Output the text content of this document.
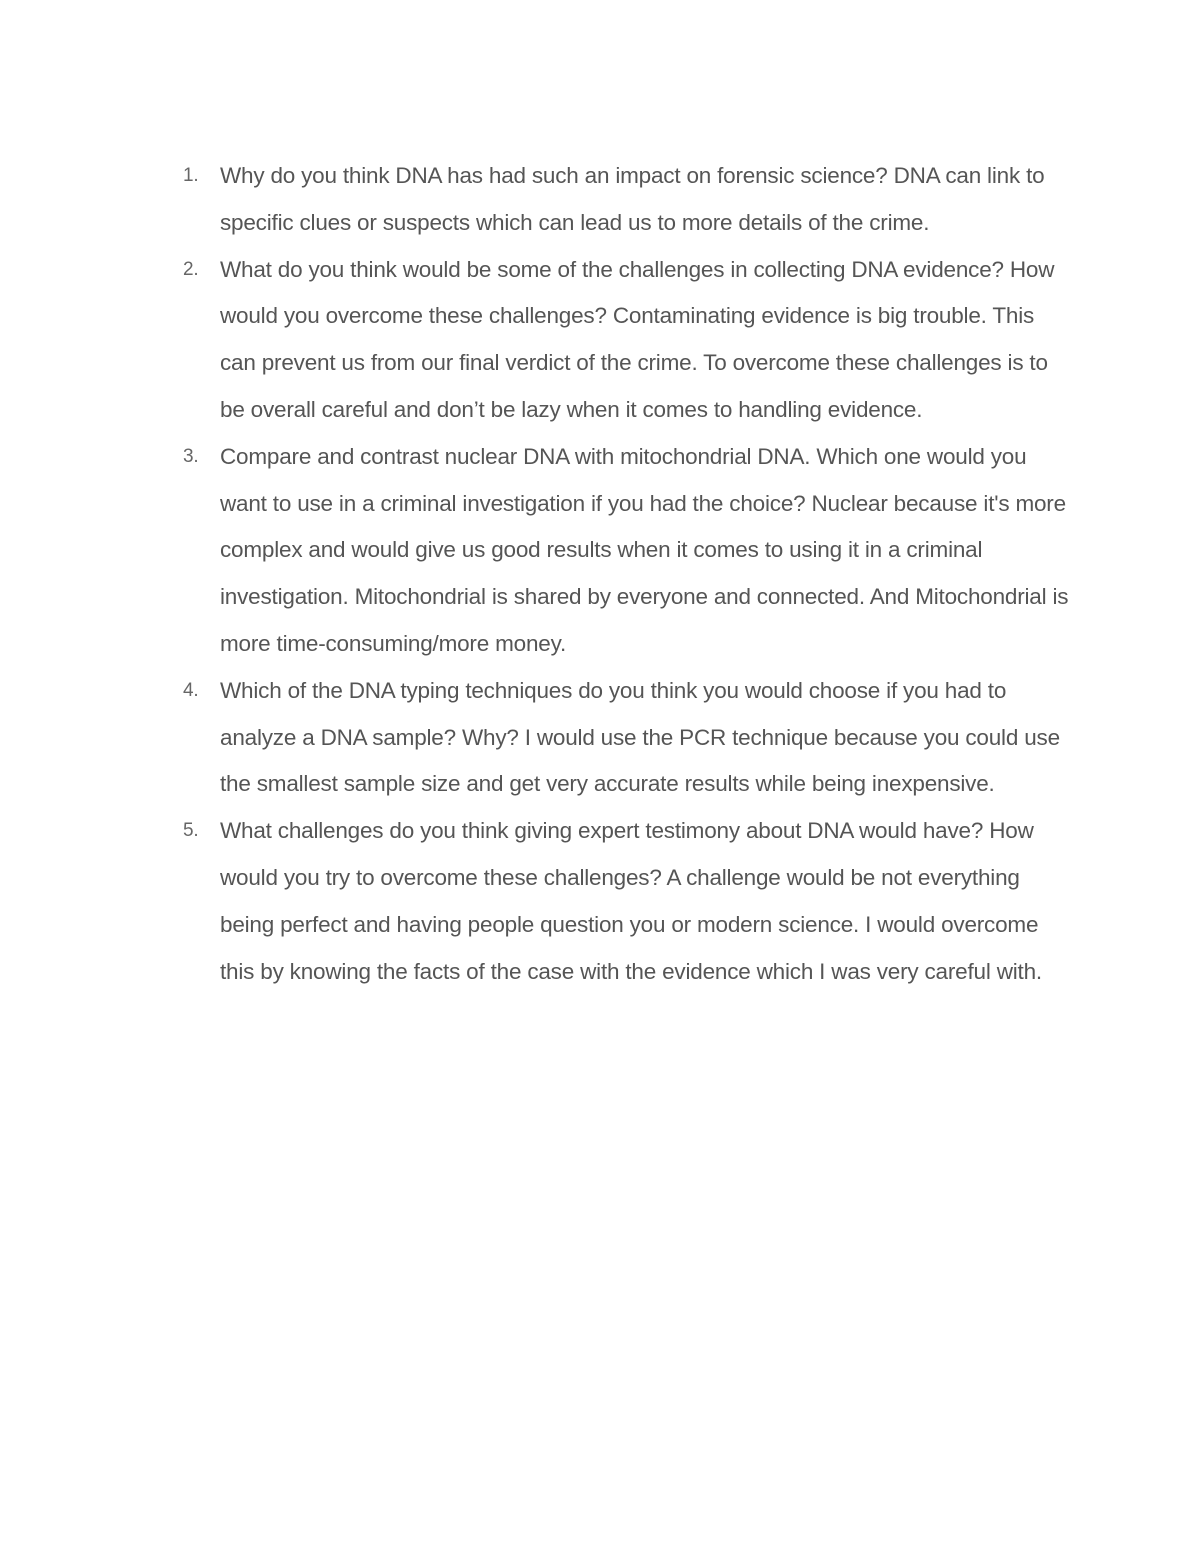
1. Why do you think DNA has had such an impact on forensic science? DNA can link to specific clues or suspects which can lead us to more details of the crime.
2. What do you think would be some of the challenges in collecting DNA evidence? How would you overcome these challenges? Contaminating evidence is big trouble. This can prevent us from our final verdict of the crime. To overcome these challenges is to be overall careful and don’t be lazy when it comes to handling evidence.
3. Compare and contrast nuclear DNA with mitochondrial DNA. Which one would you want to use in a criminal investigation if you had the choice? Nuclear because it's more complex and would give us good results when it comes to using it in a criminal investigation. Mitochondrial is shared by everyone and connected. And Mitochondrial is more time-consuming/more money.
4. Which of the DNA typing techniques do you think you would choose if you had to analyze a DNA sample? Why? I would use the PCR technique because you could use the smallest sample size and get very accurate results while being inexpensive.
5. What challenges do you think giving expert testimony about DNA would have? How would you try to overcome these challenges? A challenge would be not everything being perfect and having people question you or modern science. I would overcome this by knowing the facts of the case with the evidence which I was very careful with.
